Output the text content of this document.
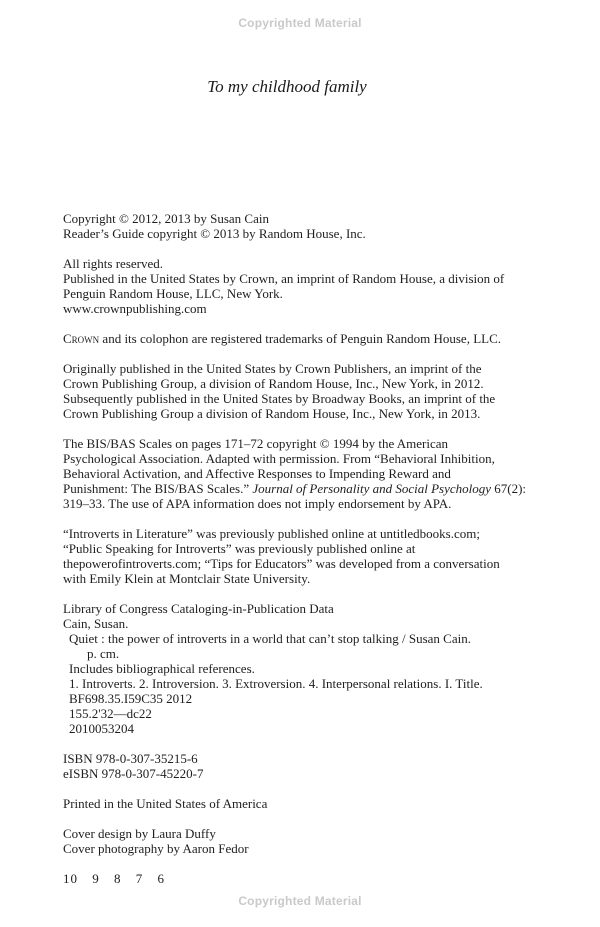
Copyrighted Material
To my childhood family

Copyright © 2012, 2013 by Susan Cain
Reader’s Guide copyright © 2013 by Random House, Inc.

All rights reserved.
Published in the United States by Crown, an imprint of Random House, a division of
Penguin Random House, LLC, New York.
www.crownpublishing.com

Crown and its colophon are registered trademarks of Penguin Random House, LLC.

Originally published in the United States by Crown Publishers, an imprint of the
Crown Publishing Group, a division of Random House, Inc., New York, in 2012.
Subsequently published in the United States by Broadway Books, an imprint of the
Crown Publishing Group a division of Random House, Inc., New York, in 2013.

The BIS/BAS Scales on pages 171–72 copyright © 1994 by the American
Psychological Association. Adapted with permission. From “Behavioral Inhibition,
Behavioral Activation, and Affective Responses to Impending Reward and
Punishment: The BIS/BAS Scales.” Journal of Personality and Social Psychology 67(2):
319–33. The use of APA information does not imply endorsement by APA.

“Introverts in Literature” was previously published online at untitledbooks.com;
“Public Speaking for Introverts” was previously published online at
thepowerofintroverts.com; “Tips for Educators” was developed from a conversation
with Emily Klein at Montclair State University.

Library of Congress Cataloging-in-Publication Data
Cain, Susan.
Quiet : the power of introverts in a world that can’t stop talking / Susan Cain.
p. cm.
Includes bibliographical references.
1. Introverts. 2. Introversion. 3. Extroversion. 4. Interpersonal relations. I. Title.
BF698.35.I59C35 2012
155.2'32—dc22
2010053204

ISBN 978-0-307-35215-6
eISBN 978-0-307-45220-7

Printed in the United States of America

Cover design by Laura Duffy
Cover photography by Aaron Fedor

10 9 8 7 6

Copyrighted Material
